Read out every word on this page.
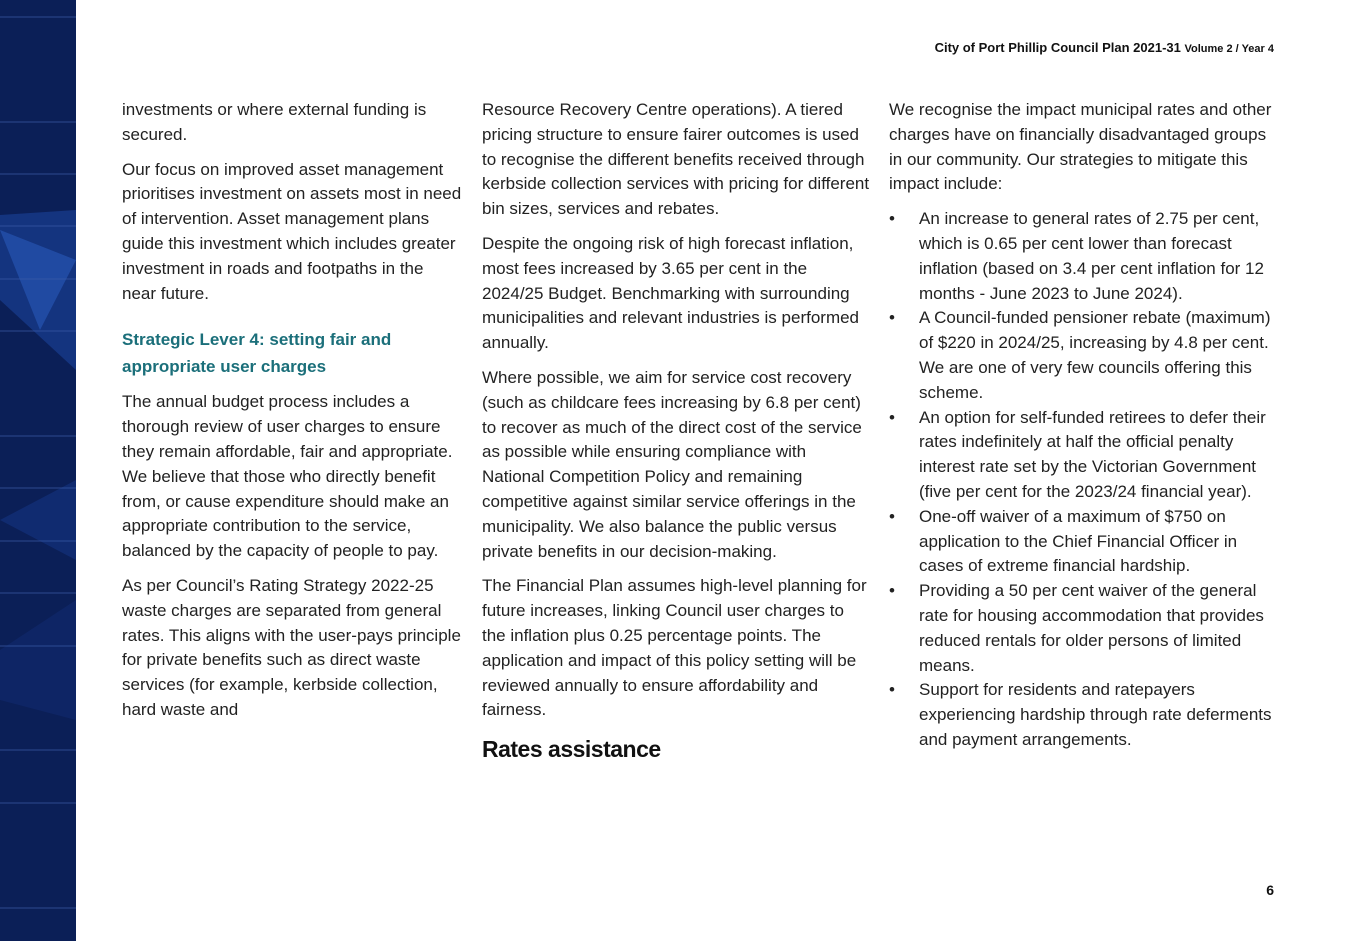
City of Port Phillip Council Plan 2021-31 Volume 2 / Year 4

investments or where external funding is secured.

Our focus on improved asset management prioritises investment on assets most in need of intervention. Asset management plans guide this investment which includes greater investment in roads and footpaths in the near future.

Strategic Lever 4: setting fair and appropriate user charges

The annual budget process includes a thorough review of user charges to ensure they remain affordable, fair and appropriate. We believe that those who directly benefit from, or cause expenditure should make an appropriate contribution to the service, balanced by the capacity of people to pay.

As per Council’s Rating Strategy 2022-25 waste charges are separated from general rates. This aligns with the user-pays principle for private benefits such as direct waste services (for example, kerbside collection, hard waste and

Resource Recovery Centre operations). A tiered pricing structure to ensure fairer outcomes is used to recognise the different benefits received through kerbside collection services with pricing for different bin sizes, services and rebates.

Despite the ongoing risk of high forecast inflation, most fees increased by 3.65 per cent in the 2024/25 Budget. Benchmarking with surrounding municipalities and relevant industries is performed annually.

Where possible, we aim for service cost recovery (such as childcare fees increasing by 6.8 per cent) to recover as much of the direct cost of the service as possible while ensuring compliance with National Competition Policy and remaining competitive against similar service offerings in the municipality. We also balance the public versus private benefits in our decision-making.

The Financial Plan assumes high-level planning for future increases, linking Council user charges to the inflation plus 0.25 percentage points. The application and impact of this policy setting will be reviewed annually to ensure affordability and fairness.

Rates assistance

We recognise the impact municipal rates and other charges have on financially disadvantaged groups in our community. Our strategies to mitigate this impact include:

• An increase to general rates of 2.75 per cent, which is 0.65 per cent lower than forecast inflation (based on 3.4 per cent inflation for 12 months - June 2023 to June 2024).
• A Council-funded pensioner rebate (maximum) of $220 in 2024/25, increasing by 4.8 per cent. We are one of very few councils offering this scheme.
• An option for self-funded retirees to defer their rates indefinitely at half the official penalty interest rate set by the Victorian Government (five per cent for the 2023/24 financial year).
• One-off waiver of a maximum of $750 on application to the Chief Financial Officer in cases of extreme financial hardship.
• Providing a 50 per cent waiver of the general rate for housing accommodation that provides reduced rentals for older persons of limited means.
• Support for residents and ratepayers experiencing hardship through rate deferments and payment arrangements.
6
